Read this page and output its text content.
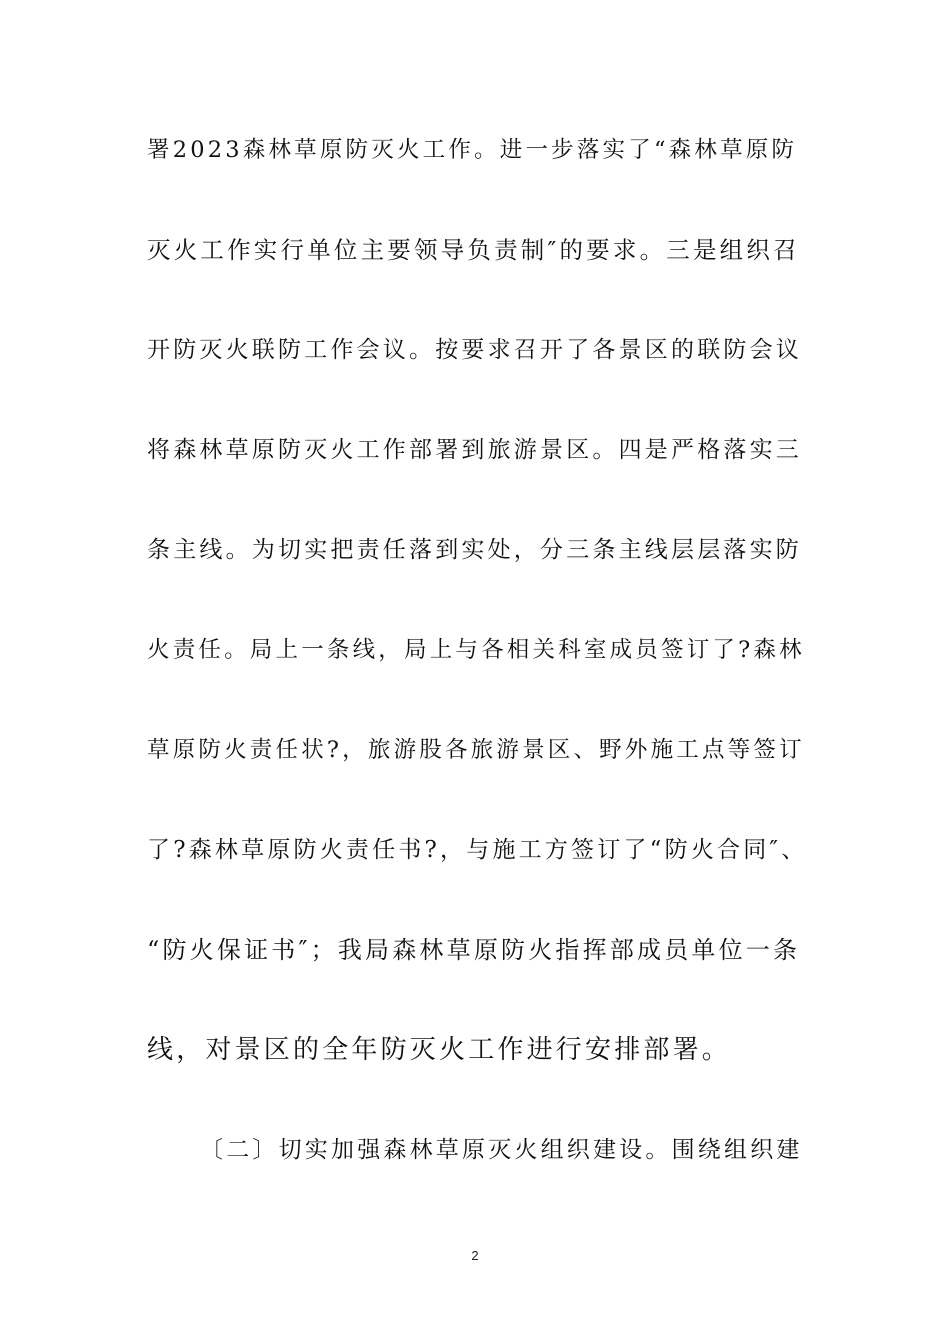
署2023森林草原防灭火工作。进一步落实了“森林草原防
灭火工作实行单位主要领导负责制″的要求。三是组织召
开防灭火联防工作会议。按要求召开了各景区的联防会议
将森林草原防灭火工作部署到旅游景区。四是严格落实三
条主线。为切实把责任落到实处，分三条主线层层落实防
火责任。局上一条线，局上与各相关科室成员签订了?森林
草原防火责任状?，旅游股各旅游景区、野外施工点等签订
了?森林草原防火责任书?，与施工方签订了“防火合同″、
“防火保证书″；我局森林草原防火指挥部成员单位一条
线，对景区的全年防灭火工作进行安排部署。
〔二〕切实加强森林草原灭火组织建设。围绕组织建
2
